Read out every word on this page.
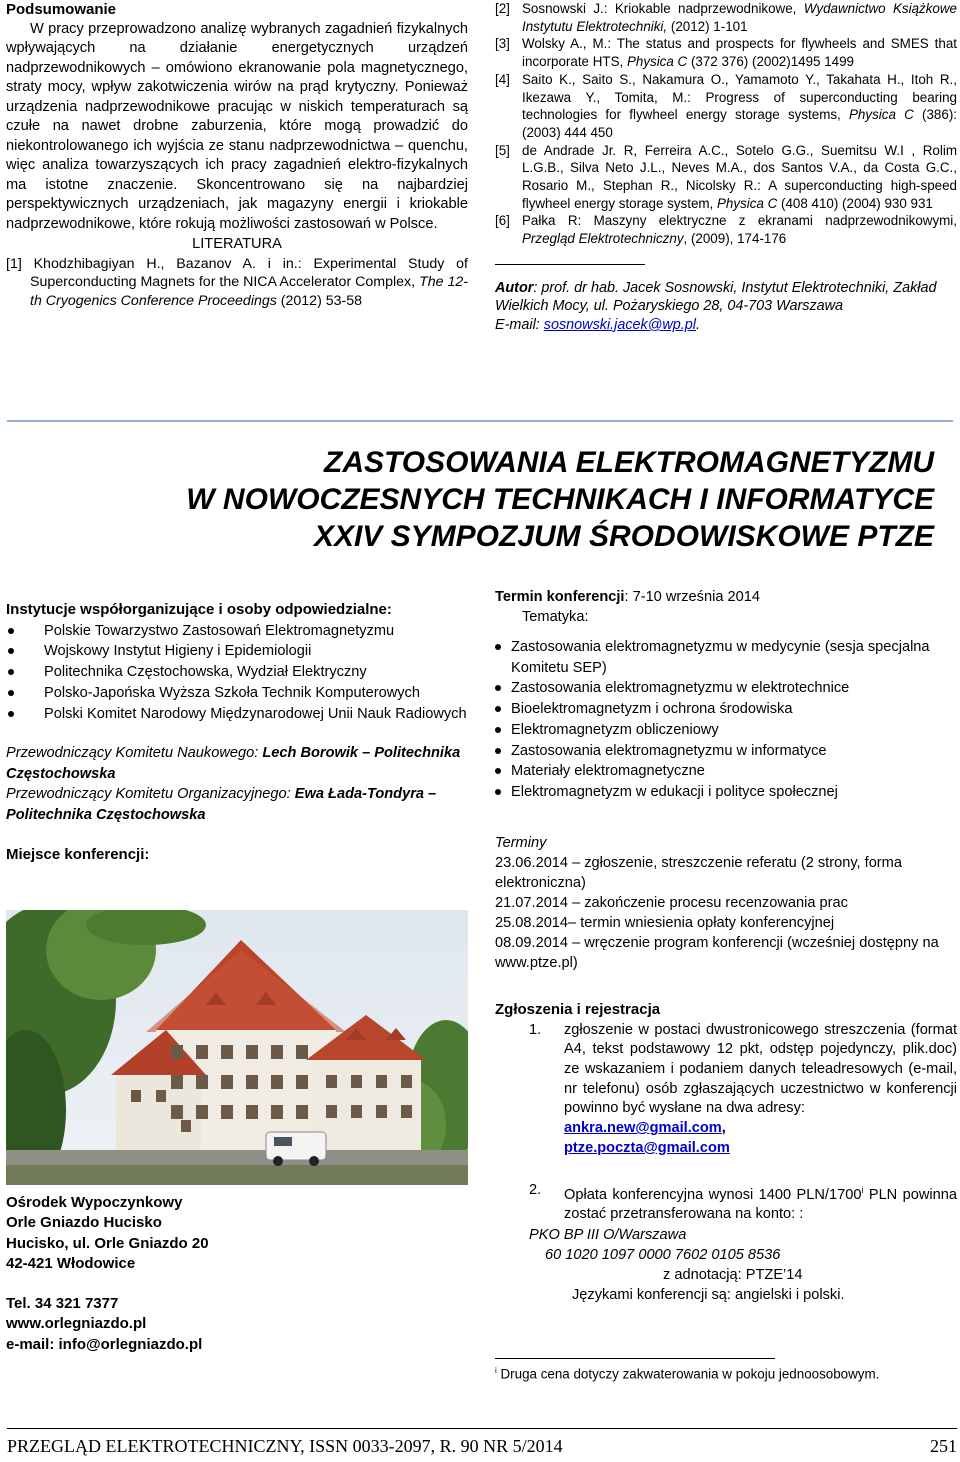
Podsumowanie

W pracy przeprowadzono analizę wybranych zagadnień fizykalnych wpływających na działanie energetycznych urządzeń nadprzewodnikowych – omówiono ekranowanie pola magnetycznego, straty mocy, wpływ zakotwiczenia wirów na prąd krytyczny. Ponieważ urządzenia nadprzewodnikowe pracując w niskich temperaturach są czułe na nawet drobne zaburzenia, które mogą prowadzić do niekontrolowanego ich wyjścia ze stanu nadprzewodnictwa – quenchu, więc analiza towarzyszących ich pracy zagadnień elektro-fizykalnych ma istotne znaczenie. Skoncentrowano się na najbardziej perspektywicznych urządzeniach, jak magazyny energii i kriokable nadprzewodnikowe, które rokują możliwości zastosowań w Polsce.

LITERATURA

[1] Khodzhibagiyan H., Bazanov A. i in.: Experimental Study of Superconducting Magnets for the NICA Accelerator Complex, The 12-th Cryogenics Conference Proceedings (2012) 53-58

[2] Sosnowski J.: Kriokable nadprzewodnikowe, Wydawnictwo Książkowe Instytutu Elektrotechniki, (2012) 1-101

[3] Wolsky A., M.: The status and prospects for flywheels and SMES that incorporate HTS, Physica C (372 376) (2002)1495 1499

[4] Saito K., Saito S., Nakamura O., Yamamoto Y., Takahata H., Itoh R., Ikezawa Y., Tomita, M.: Progress of superconducting bearing technologies for flywheel energy storage systems, Physica C (386): (2003) 444 450

[5] de Andrade Jr. R, Ferreira A.C., Sotelo G.G., Suemitsu W.I , Rolim L.G.B., Silva Neto J.L., Neves M.A., dos Santos V.A., da Costa G.C., Rosario M., Stephan R., Nicolsky R.: A superconducting high-speed flywheel energy storage system, Physica C (408 410) (2004) 930 931

[6] Pałka R: Maszyny elektryczne z ekranami nadprzewodnikowymi, Przegląd Elektrotechniczny, (2009), 174-176

Autor: prof. dr hab. Jacek Sosnowski, Instytut Elektrotechniki, Zakład Wielkich Mocy, ul. Pożaryskiego 28, 04-703 Warszawa
E-mail: sosnowski.jacek@wp.pl.

ZASTOSOWANIA ELEKTROMAGNETYZMU
W NOWOCZESNYCH TECHNIKACH I INFORMATYCE
XXIV SYMPOZJUM ŚRODOWISKOWE PTZE
Instytucje współorganizujące i osoby odpowiedzialne:
Polskie Towarzystwo Zastosowań Elektromagnetyzmu
Wojskowy Instytut Higieny i Epidemiologii
Politechnika Częstochowska, Wydział Elektryczny
Polsko-Japońska Wyższa Szkoła Technik Komputerowych
Polski Komitet Narodowy Międzynarodowej Unii Nauk Radiowych
Przewodniczący Komitetu Naukowego: Lech Borowik – Politechnika Częstochowska
Przewodniczący Komitetu Organizacyjnego: Ewa Łada-Tondyra – Politechnika Częstochowska
Miejsce konferencji:
Ośrodek Wypoczynkowy
Orle Gniazdo Hucisko
Hucisko, ul. Orle Gniazdo 20
42-421 Włodowice
Tel. 34 321 7377
www.orlegniazdo.pl
e-mail: info@orlegniazdo.pl
Termin konferencji: 7-10 września 2014
Tematyka:
Zastosowania elektromagnetyzmu w medycynie (sesja specjalna Komitetu SEP)
Zastosowania elektromagnetyzmu w elektrotechnice
Bioelektromagnetyzm i ochrona środowiska
Elektromagnetyzm obliczeniowy
Zastosowania elektromagnetyzmu w informatyce
Materiały elektromagnetyczne
Elektromagnetyzm w edukacji i polityce społecznej
Terminy
23.06.2014 – zgłoszenie, streszczenie referatu (2 strony, forma elektroniczna)
21.07.2014 – zakończenie procesu recenzowania prac
25.08.2014– termin wniesienia opłaty konferencyjnej
08.09.2014 – wręczenie program konferencji (wcześniej dostępny na www.ptze.pl)
Zgłoszenia i rejestracja
1. zgłoszenie w postaci dwustronicowego streszczenia (format A4, tekst podstawowy 12 pkt, odstęp pojedynczy, plik.doc) ze wskazaniem i podaniem danych teleadresowych (e-mail, nr telefonu) osób zgłaszających uczestnictwo w konferencji powinno być wysłane na dwa adresy:
ankra.new@gmail.com,
ptze.poczta@gmail.com
2. Opłata konferencyjna wynosi 1400 PLN/1700$^i$ PLN powinna zostać przetransferowana na konto: :
PKO BP III O/Warszawa
60 1020 1097 0000 7602 0105 8536
z adnotacją: PTZE’14
Językami konferencji są: angielski i polski.
$^i$ Druga cena dotyczy zakwaterowania w pokoju jednoosobowym.
PRZEGLĄD ELEKTROTECHNICZNY, ISSN 0033-2097, R. 90 NR 5/2014	251
